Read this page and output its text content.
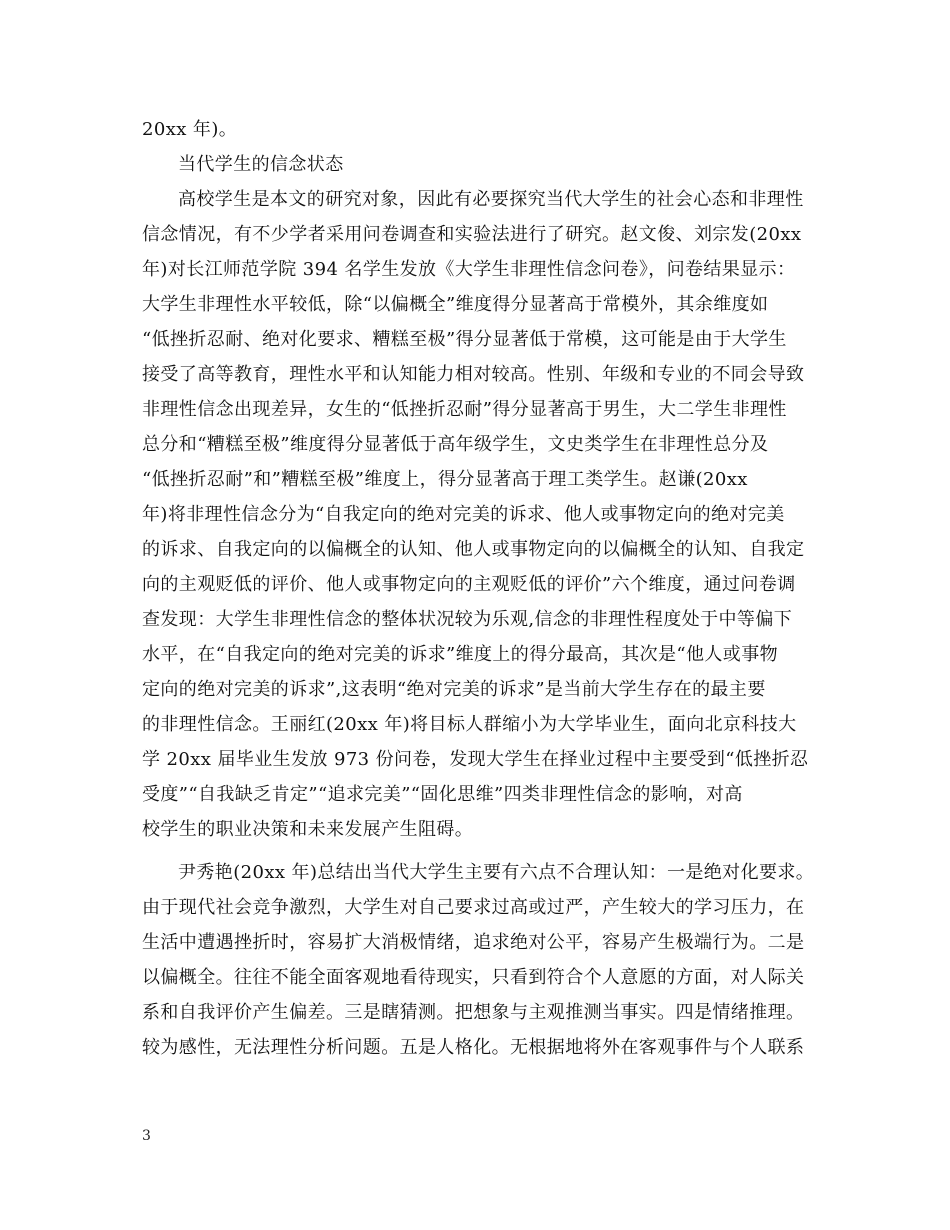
20xx 年)。
当代学生的信念状态
高校学生是本文的研究对象，因此有必要探究当代大学生的社会心态和非理性
信念情况，有不少学者采用问卷调查和实验法进行了研究。赵文俊、刘宗发(20xx
年)对长江师范学院 394 名学生发放《大学生非理性信念问卷》，问卷结果显示：
大学生非理性水平较低，除“以偏概全”维度得分显著高于常模外，其余维度如
“低挫折忍耐、绝对化要求、糟糕至极”得分显著低于常模，这可能是由于大学生
接受了高等教育，理性水平和认知能力相对较高。性别、年级和专业的不同会导致
非理性信念出现差异，女生的“低挫折忍耐”得分显著高于男生，大二学生非理性
总分和“糟糕至极”维度得分显著低于高年级学生，文史类学生在非理性总分及
“低挫折忍耐”和”糟糕至极”维度上，得分显著高于理工类学生。赵谦(20xx
年)将非理性信念分为“自我定向的绝对完美的诉求、他人或事物定向的绝对完美
的诉求、自我定向的以偏概全的认知、他人或事物定向的以偏概全的认知、自我定
向的主观贬低的评价、他人或事物定向的主观贬低的评价”六个维度，通过问卷调
查发现：大学生非理性信念的整体状况较为乐观,信念的非理性程度处于中等偏下
水平，在“自我定向的绝对完美的诉求”维度上的得分最高，其次是“他人或事物
定向的绝对完美的诉求”,这表明“绝对完美的诉求”是当前大学生存在的最主要
的非理性信念。王丽红(20xx 年)将目标人群缩小为大学毕业生，面向北京科技大
学 20xx 届毕业生发放 973 份问卷，发现大学生在择业过程中主要受到“低挫折忍
受度”“自我缺乏肯定”“追求完美”“固化思维”四类非理性信念的影响，对高
校学生的职业决策和未来发展产生阻碍。
尹秀艳(20xx 年)总结出当代大学生主要有六点不合理认知：一是绝对化要求。
由于现代社会竞争激烈，大学生对自己要求过高或过严，产生较大的学习压力，在
生活中遭遇挫折时，容易扩大消极情绪，追求绝对公平，容易产生极端行为。二是
以偏概全。往往不能全面客观地看待现实，只看到符合个人意愿的方面，对人际关
系和自我评价产生偏差。三是瞎猜测。把想象与主观推测当事实。四是情绪推理。
较为感性，无法理性分析问题。五是人格化。无根据地将外在客观事件与个人联系
3
